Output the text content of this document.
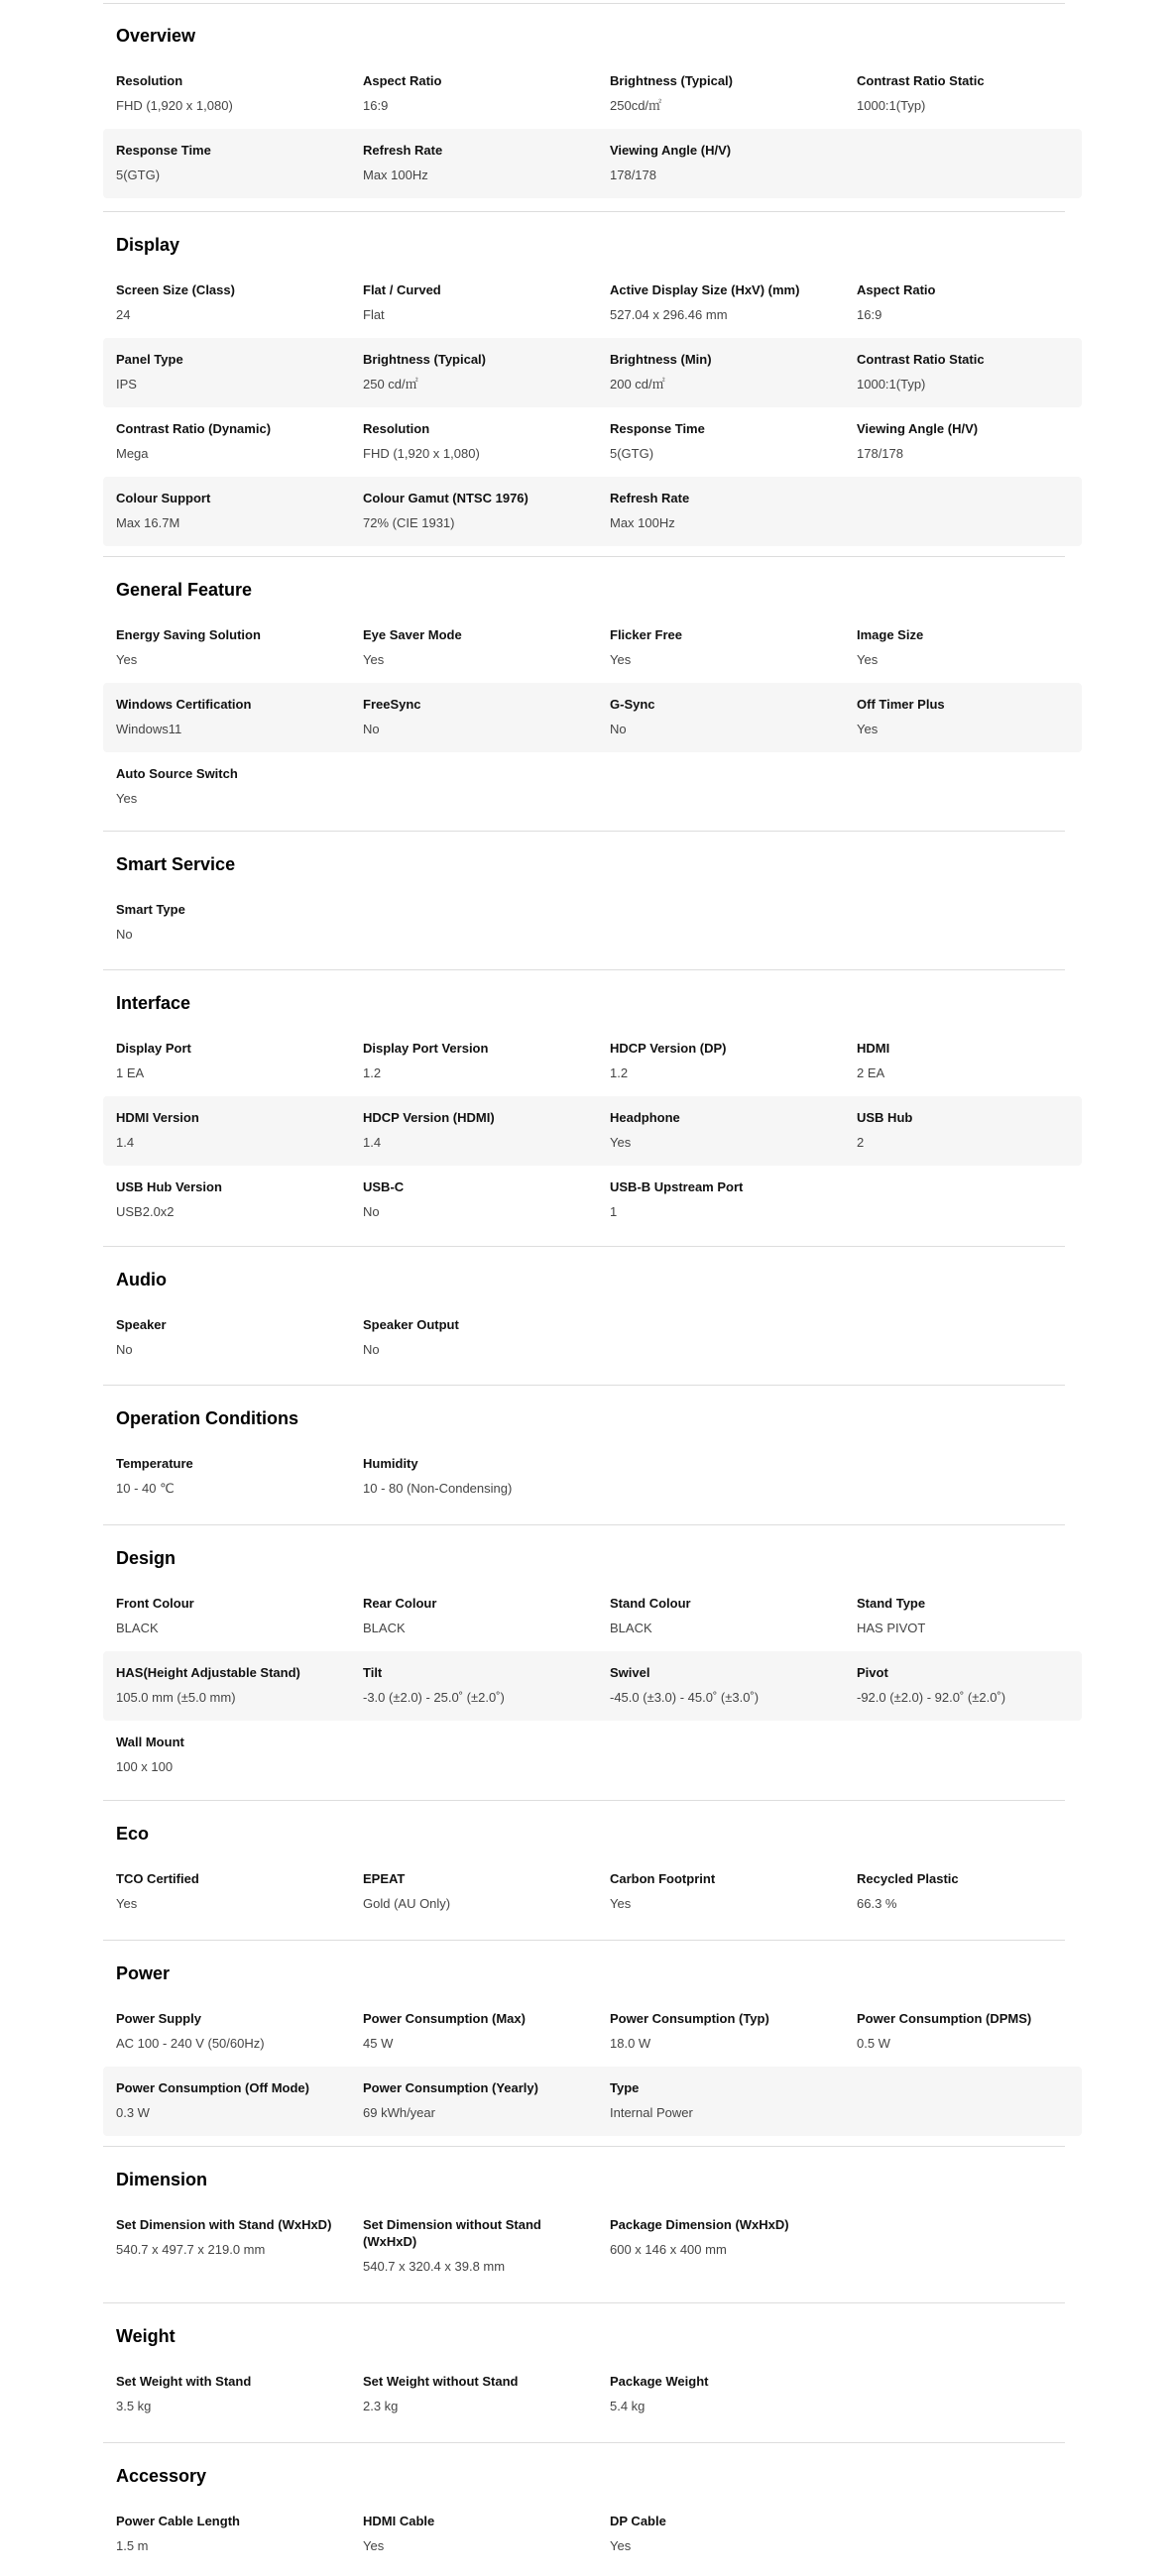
Overview
Resolution
FHD (1,920 x 1,080)
Aspect Ratio
16:9
Brightness (Typical)
250cd/㎡
Contrast Ratio Static
1000:1(Typ)
Response Time
5(GTG)
Refresh Rate
Max 100Hz
Viewing Angle (H/V)
178/178
Display
Screen Size (Class)
24
Flat / Curved
Flat
Active Display Size (HxV) (mm)
527.04 x 296.46 mm
Aspect Ratio
16:9
Panel Type
IPS
Brightness (Typical)
250 cd/㎡
Brightness (Min)
200 cd/㎡
Contrast Ratio Static
1000:1(Typ)
Contrast Ratio (Dynamic)
Mega
Resolution
FHD (1,920 x 1,080)
Response Time
5(GTG)
Viewing Angle (H/V)
178/178
Colour Support
Max 16.7M
Colour Gamut (NTSC 1976)
72% (CIE 1931)
Refresh Rate
Max 100Hz
General Feature
Energy Saving Solution
Yes
Eye Saver Mode
Yes
Flicker Free
Yes
Image Size
Yes
Windows Certification
Windows11
FreeSync
No
G-Sync
No
Off Timer Plus
Yes
Auto Source Switch
Yes
Smart Service
Smart Type
No
Interface
Display Port
1 EA
Display Port Version
1.2
HDCP Version (DP)
1.2
HDMI
2 EA
HDMI Version
1.4
HDCP Version (HDMI)
1.4
Headphone
Yes
USB Hub
2
USB Hub Version
USB2.0x2
USB-C
No
USB-B Upstream Port
1
Audio
Speaker
No
Speaker Output
No
Operation Conditions
Temperature
10 - 40 ℃
Humidity
10 - 80 (Non-Condensing)
Design
Front Colour
BLACK
Rear Colour
BLACK
Stand Colour
BLACK
Stand Type
HAS PIVOT
HAS(Height Adjustable Stand)
105.0 mm (±5.0 mm)
Tilt
-3.0 (±2.0) - 25.0˚ (±2.0˚)
Swivel
-45.0 (±3.0) - 45.0˚ (±3.0˚)
Pivot
-92.0 (±2.0) - 92.0˚ (±2.0˚)
Wall Mount
100 x 100
Eco
TCO Certified
Yes
EPEAT
Gold (AU Only)
Carbon Footprint
Yes
Recycled Plastic
66.3 %
Power
Power Supply
AC 100 - 240 V (50/60Hz)
Power Consumption (Max)
45 W
Power Consumption (Typ)
18.0 W
Power Consumption (DPMS)
0.5 W
Power Consumption (Off Mode)
0.3 W
Power Consumption (Yearly)
69 kWh/year
Type
Internal Power
Dimension
Set Dimension with Stand (WxHxD)
540.7 x 497.7 x 219.0 mm
Set Dimension without Stand (WxHxD)
540.7 x 320.4 x 39.8 mm
Package Dimension (WxHxD)
600 x 146 x 400 mm
Weight
Set Weight with Stand
3.5 kg
Set Weight without Stand
2.3 kg
Package Weight
5.4 kg
Accessory
Power Cable Length
1.5 m
HDMI Cable
Yes
DP Cable
Yes
